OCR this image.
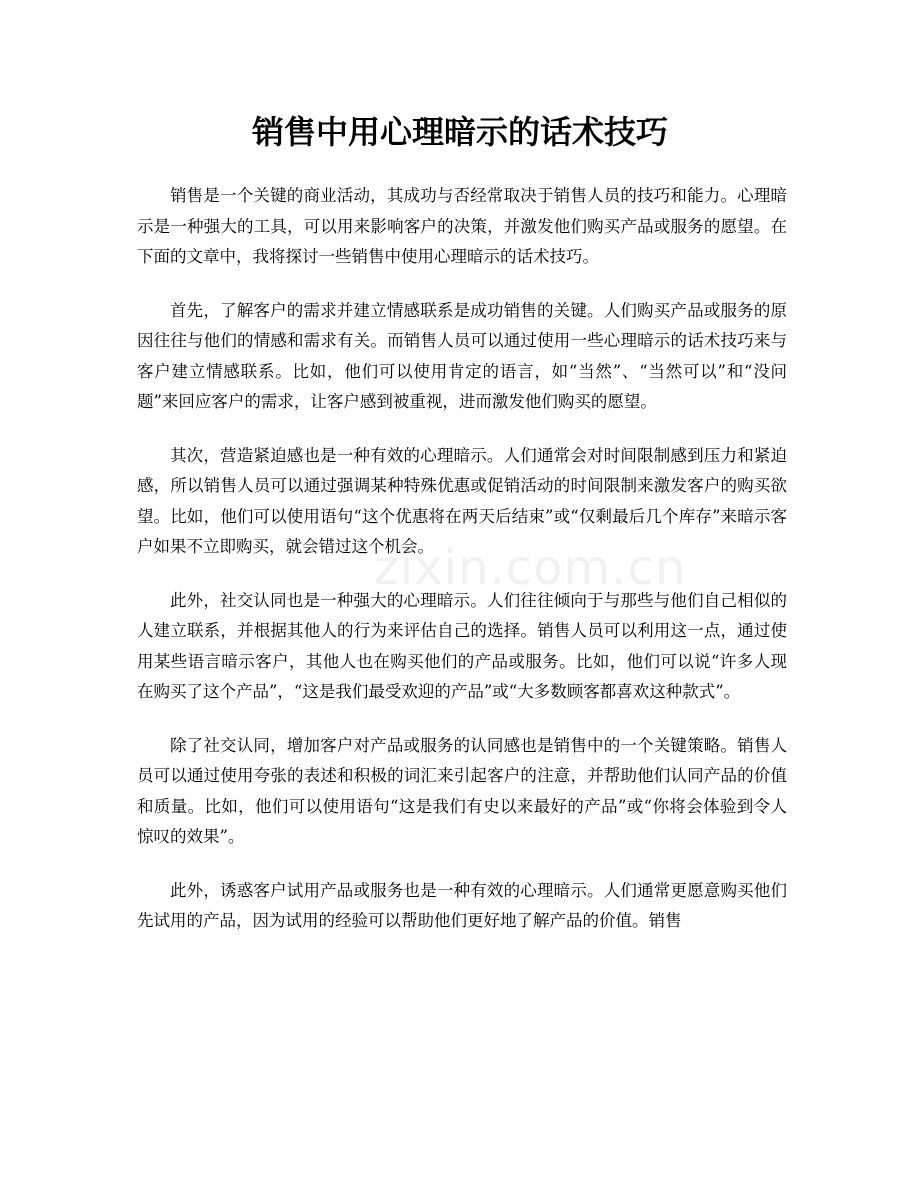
销售中用心理暗示的话术技巧

销售是一个关键的商业活动，其成功与否经常取决于销售人员的技巧和能力。心理暗示是一种强大的工具，可以用来影响客户的决策，并激发他们购买产品或服务的愿望。在下面的文章中，我将探讨一些销售中使用心理暗示的话术技巧。

首先，了解客户的需求并建立情感联系是成功销售的关键。人们购买产品或服务的原因往往与他们的情感和需求有关。而销售人员可以通过使用一些心理暗示的话术技巧来与客户建立情感联系。比如，他们可以使用肯定的语言，如“当然”、“当然可以”和“没问题”来回应客户的需求，让客户感到被重视，进而激发他们购买的愿望。

其次，营造紧迫感也是一种有效的心理暗示。人们通常会对时间限制感到压力和紧迫感，所以销售人员可以通过强调某种特殊优惠或促销活动的时间限制来激发客户的购买欲望。比如，他们可以使用语句“这个优惠将在两天后结束”或“仅剩最后几个库存”来暗示客户如果不立即购买，就会错过这个机会。

此外，社交认同也是一种强大的心理暗示。人们往往倾向于与那些与他们自己相似的人建立联系，并根据其他人的行为来评估自己的选择。销售人员可以利用这一点，通过使用某些语言暗示客户，其他人也在购买他们的产品或服务。比如，他们可以说“许多人现在购买了这个产品”，“这是我们最受欢迎的产品”或“大多数顾客都喜欢这种款式”。

除了社交认同，增加客户对产品或服务的认同感也是销售中的一个关键策略。销售人员可以通过使用夸张的表述和积极的词汇来引起客户的注意，并帮助他们认同产品的价值和质量。比如，他们可以使用语句“这是我们有史以来最好的产品”或“你将会体验到令人惊叹的效果”。

此外，诱惑客户试用产品或服务也是一种有效的心理暗示。人们通常更愿意购买他们先试用的产品，因为试用的经验可以帮助他们更好地了解产品的价值。销售

zixin.com.cn
